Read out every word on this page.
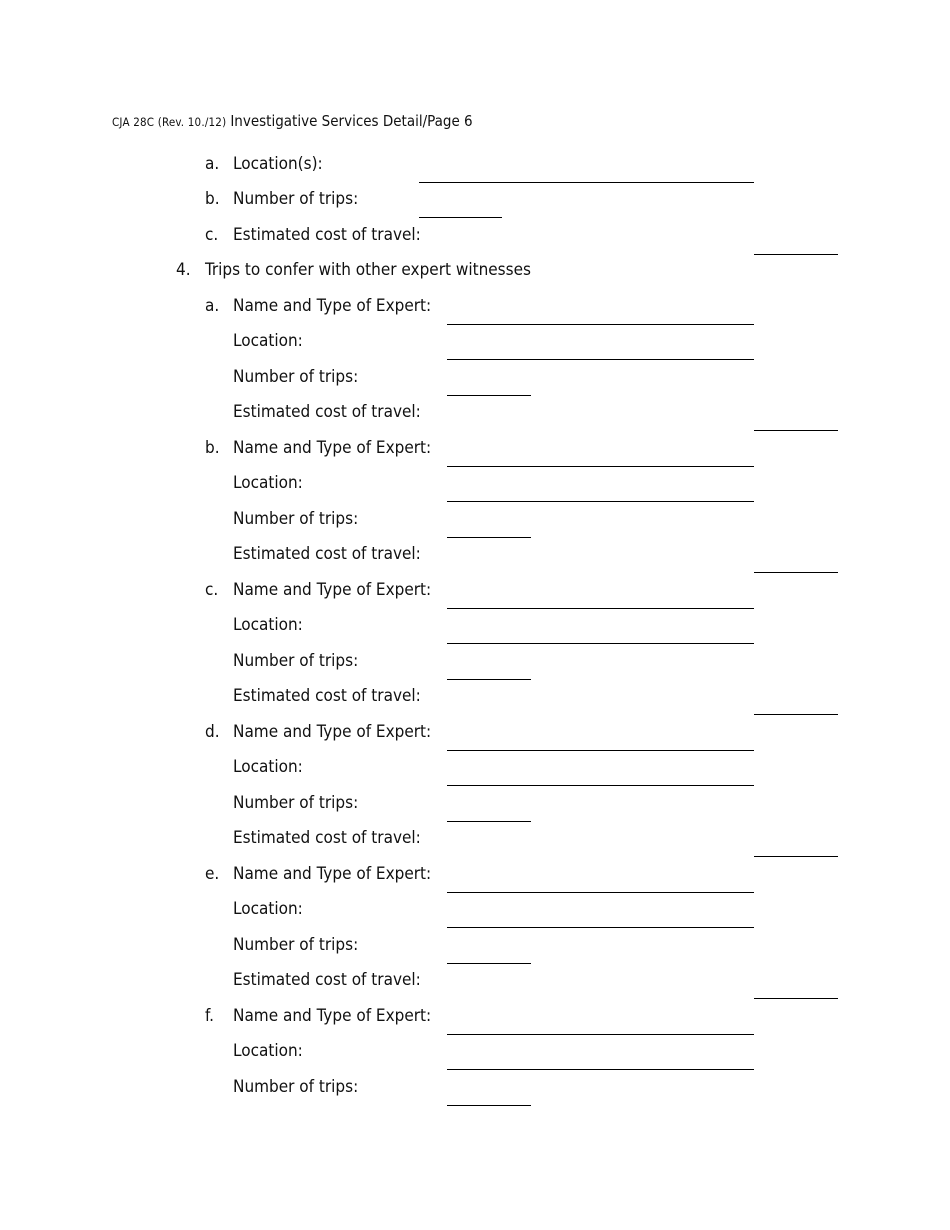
CJA 28C (Rev. 10./12) Investigative Services Detail/Page 6
a. Location(s):
b. Number of trips:
c. Estimated cost of travel:
4. Trips to confer with other expert witnesses
a. Name and Type of Expert:
Location:
Number of trips:
Estimated cost of travel:
b. Name and Type of Expert:
Location:
Number of trips:
Estimated cost of travel:
c. Name and Type of Expert:
Location:
Number of trips:
Estimated cost of travel:
d. Name and Type of Expert:
Location:
Number of trips:
Estimated cost of travel:
e. Name and Type of Expert:
Location:
Number of trips:
Estimated cost of travel:
f. Name and Type of Expert:
Location:
Number of trips:
